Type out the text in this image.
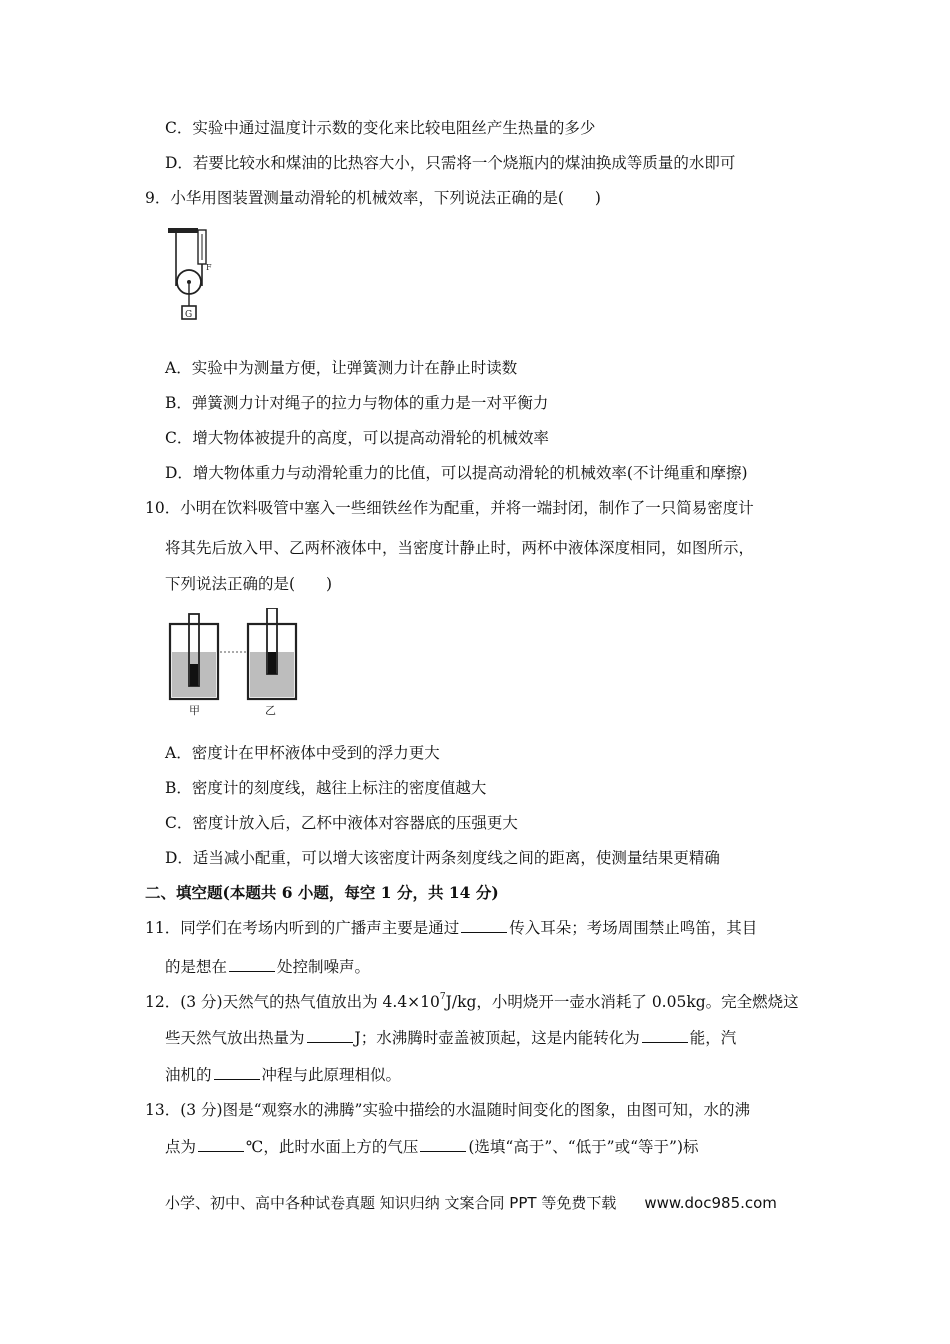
C．实验中通过温度计示数的变化来比较电阻丝产生热量的多少
D．若要比较水和煤油的比热容大小，只需将一个烧瓶内的煤油换成等质量的水即可
9．小华用图装置测量动滑轮的机械效率，下列说法正确的是(　　)
F
G
A．实验中为测量方便，让弹簧测力计在静止时读数
B．弹簧测力计对绳子的拉力与物体的重力是一对平衡力
C．增大物体被提升的高度，可以提高动滑轮的机械效率
D．增大物体重力与动滑轮重力的比值，可以提高动滑轮的机械效率(不计绳重和摩擦)
10．小明在饮料吸管中塞入一些细铁丝作为配重，并将一端封闭，制作了一只简易密度计
将其先后放入甲、乙两杯液体中，当密度计静止时，两杯中液体深度相同，如图所示，
下列说法正确的是(　　)
甲	乙
A．密度计在甲杯液体中受到的浮力更大
B．密度计的刻度线，越往上标注的密度值越大
C．密度计放入后，乙杯中液体对容器底的压强更大
D．适当减小配重，可以增大该密度计两条刻度线之间的距离，使测量结果更精确
二、填空题(本题共 6 小题，每空 1 分，共 14 分)
11．同学们在考场内听到的广播声主要是通过	传入耳朵；考场周围禁止鸣笛，其目
的是想在	处控制噪声。
12．(3 分)天然气的热气值放出为 $4.4\times 10^7J/kg$，小明烧开一壶水消耗了 0.05kg。完全燃烧这
些天然气放出热量为	J；水沸腾时壶盖被顶起，这是内能转化为	能，汽
油机的	冲程与此原理相似。
13．(3 分)图是“观察水的沸腾”实验中描绘的水温随时间变化的图象，由图可知，水的沸
点为	℃，此时水面上方的气压	(选填“高于”、“低于”或“等于”)标
小学、初中、高中各种试卷真题 知识归纳 文案合同 PPT 等免费下载 www.doc985.com
